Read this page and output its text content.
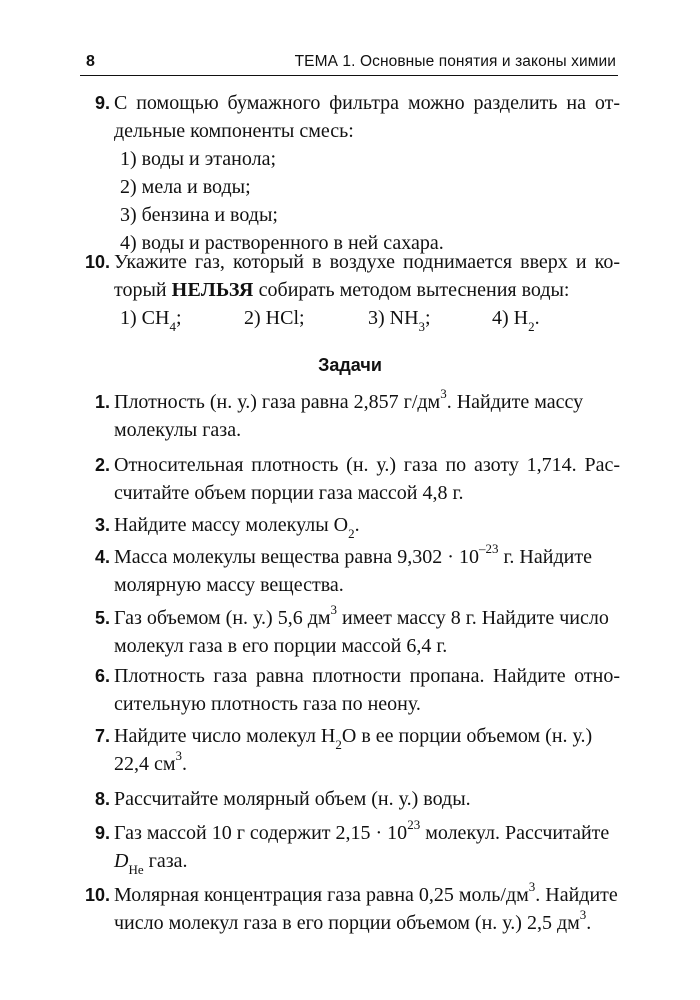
8	ТЕМА 1. Основные понятия и законы химии
9. С помощью бумажного фильтра можно разделить на от-
дельные компоненты смесь:
1) воды и этанола;
2) мела и воды;
3) бензина и воды;
4) воды и растворенного в ней сахара.
10. Укажите газ, который в воздухе поднимается вверх и ко-
торый НЕЛЬЗЯ собирать методом вытеснения воды:
1) $CH_4$;	2) HCl;	3) $NH_3$;	4) $H_2$.
Задачи
1. Плотность (н. у.) газа равна 2,857 $г/дм^3$. Найдите массу
молекулы газа.
2. Относительная плотность (н. у.) газа по азоту 1,714. Рас-
считайте объем порции газа массой 4,8 г.
3. Найдите массу молекулы $O_2$.
4. Масса молекулы вещества равна $9,302 \cdot 10^{-23}$ г. Найдите
молярную массу вещества.
5. Газ объемом (н. у.) 5,6 $дм^3$ имеет массу 8 г. Найдите число
молекул газа в его порции массой 6,4 г.
6. Плотность газа равна плотности пропана. Найдите отно-
сительную плотность газа по неону.
7. Найдите число молекул $H_2O$ в ее порции объемом (н. у.)
22,4 $см^3$.
8. Рассчитайте молярный объем (н. у.) воды.
9. Газ массой 10 г содержит $2,15 \cdot 10^{23}$ молекул. Рассчитайте
$D_{He}$ газа.
10. Молярная концентрация газа равна 0,25 моль/$дм^3$. Найдите
число молекул газа в его порции объемом (н. у.) 2,5 $дм^3$.
